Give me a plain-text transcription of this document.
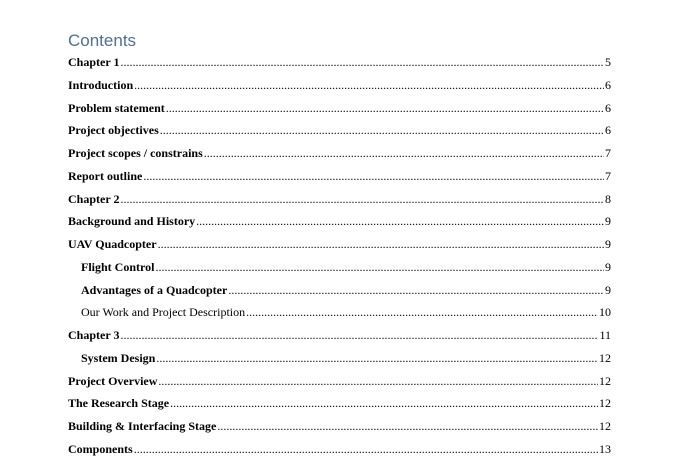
Contents
Chapter 1 .....	5
Introduction .....	6
Problem statement .....	6
Project objectives .....	6
Project scopes / constrains .....	7
Report outline .....	7
Chapter 2 .....	8
Background and History .....	9
UAV Quadcopter .....	9
Flight Control .....	9
Advantages of a Quadcopter .....	9
Our Work and Project Description .....	10
Chapter 3 .....	11
System Design .....	12
Project Overview .....	12
The Research Stage .....	12
Building & Interfacing Stage .....	12
Components .....	13
